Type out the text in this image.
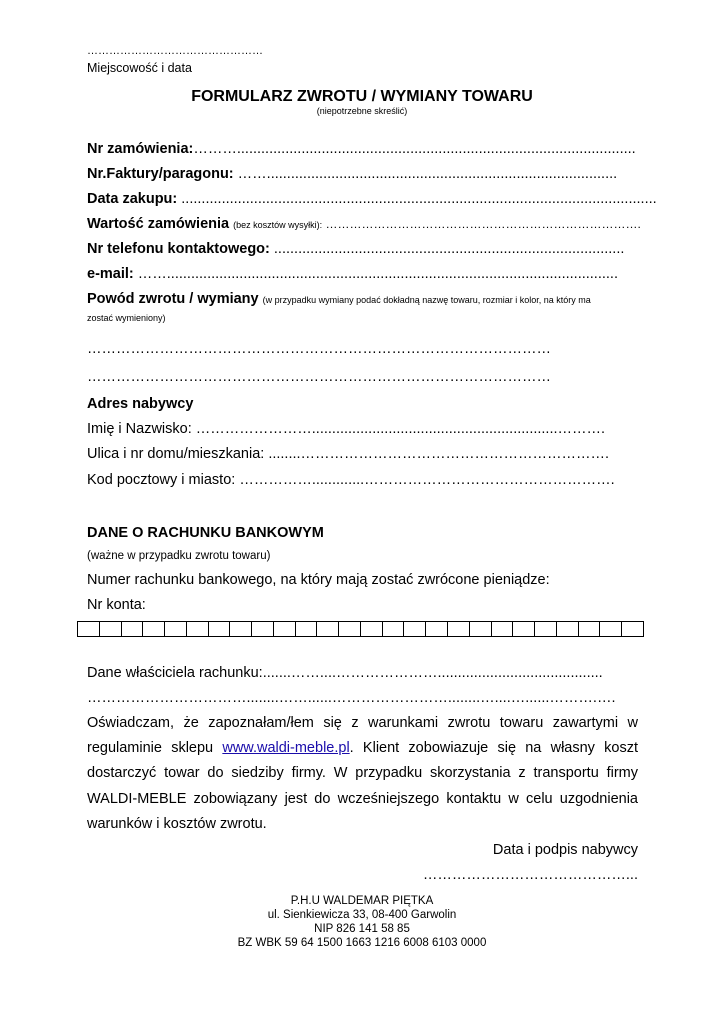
…………………………………………
Miejscowość i data
FORMULARZ ZWROTU / WYMIANY TOWARU
(niepotrzebne skreślić)
Nr zamówienia:………...................................................................................................
Nr.Faktury/paragonu: …….......................................................................................
Data zakupu: ......................................................................................................................
Wartość zamówienia (bez kosztów wysyłki): …………………………………………………………………….
Nr telefonu kontaktowego: .......................................................................................
e-mail: ……................................................................................................................
Powód zwrotu / wymiany (w przypadku wymiany podać dokładną nazwę towaru, rozmiar i kolor, na który ma
zostać wymieniony)
……………………………………………………………………………………
……………………………………………………………………………………
Adres nabywcy
Imię i Nazwisko: …………………….............................................................……….
Ulica i nr domu/mieszkania: ........……………………………………………………….
Kod pocztowy i miasto: …………….............…………………………………………….
DANE O RACHUNKU BANKOWYM
(ważne w przypadku zwrotu towaru)
Numer rachunku bankowego, na który mają zostać zwrócone pieniądze:
Nr konta:
Dane właściciela rachunku:.......……....………………….........................................
……………………………........……......……………………........…....…......……….….
Oświadczam, że zapoznałam/łem się z warunkami zwrotu towaru zawartymi w
regulaminie sklepu www.waldi-meble.pl. Klient zobowiazuje się na własny koszt
dostarczyć towar do siedziby firmy. W przypadku skorzystania z transportu firmy
WALDI-MEBLE zobowiązany jest do wcześniejszego kontaktu w celu uzgodnienia
warunków i kosztów zwrotu.
Data i podpis nabywcy
……………………………………...
P.H.U WALDEMAR PIĘTKA
ul. Sienkiewicza 33, 08-400 Garwolin
NIP 826 141 58 85
BZ WBK 59 64 1500 1663 1216 6008 6103 0000
